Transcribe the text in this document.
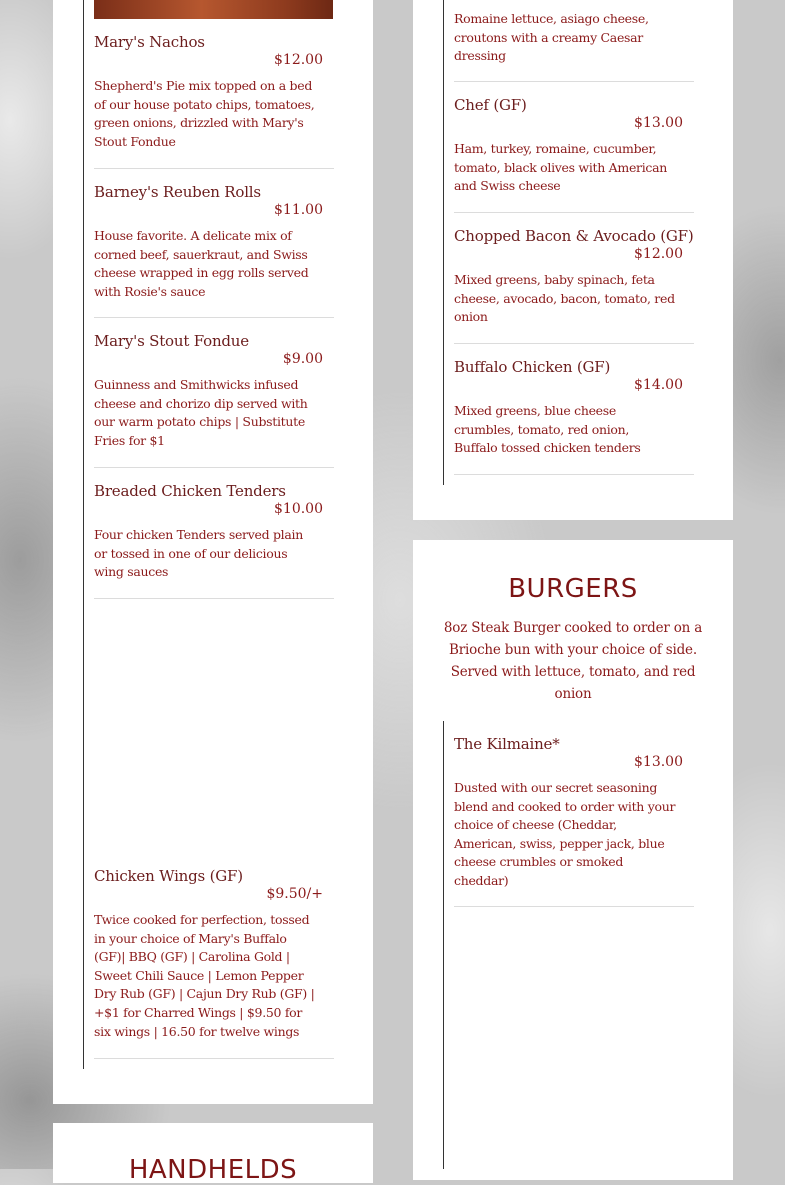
Mary's Nachos
$12.00
Shepherd's Pie mix topped on a bed of our house potato chips, tomatoes, green onions, drizzled with Mary's Stout Fondue
Barney's Reuben Rolls
$11.00
House favorite. A delicate mix of corned beef, sauerkraut, and Swiss cheese wrapped in egg rolls served with Rosie's sauce
Mary's Stout Fondue
$9.00
Guinness and Smithwicks infused cheese and chorizo dip served with our warm potato chips | Substitute Fries for $1
Breaded Chicken Tenders
$10.00
Four chicken Tenders served plain or tossed in one of our delicious wing sauces
Chicken Wings (GF)
$9.50/+
Twice cooked for perfection, tossed in your choice of Mary's Buffalo (GF)| BBQ (GF) | Carolina Gold | Sweet Chili Sauce | Lemon Pepper Dry Rub (GF) | Cajun Dry Rub (GF) | +$1 for Charred Wings | $9.50 for six wings | 16.50 for twelve wings
Romaine lettuce, asiago cheese, croutons with a creamy Caesar dressing
Chef (GF)
$13.00
Ham, turkey, romaine, cucumber, tomato, black olives with American and Swiss cheese
Chopped Bacon & Avocado (GF)
$12.00
Mixed greens, baby spinach, feta cheese, avocado, bacon, tomato, red onion
Buffalo Chicken (GF)
$14.00
Mixed greens, blue cheese crumbles, tomato, red onion, Buffalo tossed chicken tenders
BURGERS
8oz Steak Burger cooked to order on a Brioche bun with your choice of side. Served with lettuce, tomato, and red onion
The Kilmaine*
$13.00
Dusted with our secret seasoning blend and cooked to order with your choice of cheese (Cheddar, American, swiss, pepper jack, blue cheese crumbles or smoked cheddar)
HANDHELDS
